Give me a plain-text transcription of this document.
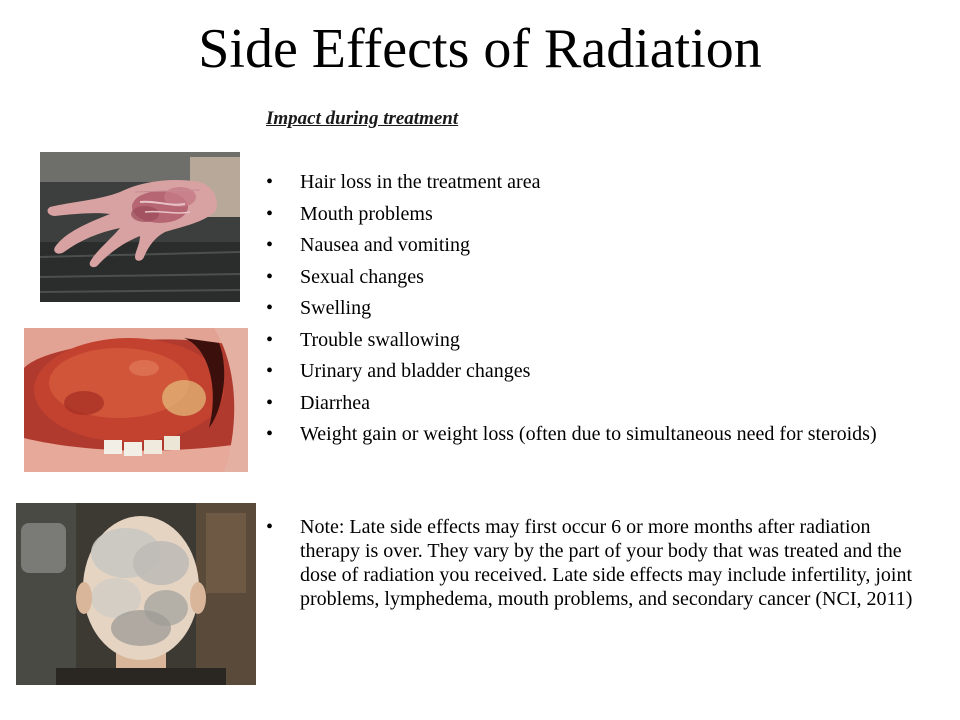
Side Effects of Radiation
Impact during treatment
• Hair loss in the treatment area
• Mouth problems
• Nausea and vomiting
• Sexual changes
• Swelling
• Trouble swallowing
• Urinary and bladder changes
• Diarrhea
• Weight gain or weight loss (often due to simultaneous need for steroids)
• Note: Late side effects may first occur 6 or more months after radiation therapy is over. They vary by the part of your body that was treated and the dose of radiation you received. Late side effects may include infertility, joint problems, lymphedema, mouth problems, and secondary cancer (NCI, 2011)
